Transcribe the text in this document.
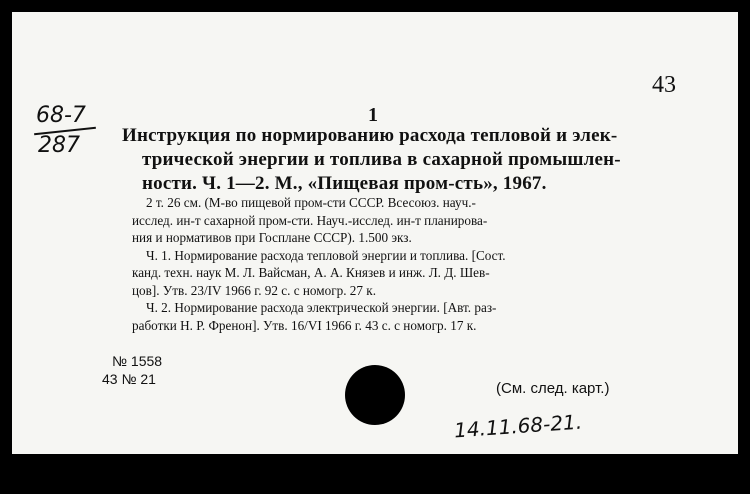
43
68-7
287
1
Инструкция по нормированию расхода тепловой и элек-
трической энергии и топлива в сахарной промышлен-
ности. Ч. 1—2. М., «Пищевая пром-сть», 1967.
2 т. 26 см. (М-во пищевой пром-сти СССР. Всесоюз. науч.-
исслед. ин-т сахарной пром-сти. Науч.-исслед. ин-т планирова-
ния и нормативов при Госплане СССР). 1.500 экз.
Ч. 1. Нормирование расхода тепловой энергии и топлива. [Сост.
канд. техн. наук М. Л. Вайсман, А. А. Князев и инж. Л. Д. Шев-
цов]. Утв. 23/IV 1966 г. 92 с. с номогр. 27 к.
Ч. 2. Нормирование расхода электрической энергии. [Авт. раз-
работки Н. Р. Френон]. Утв. 16/VI 1966 г. 43 с. с номогр. 17 к.
№ 1558
43 № 21
(См. след. карт.)
14.11.68-21.
